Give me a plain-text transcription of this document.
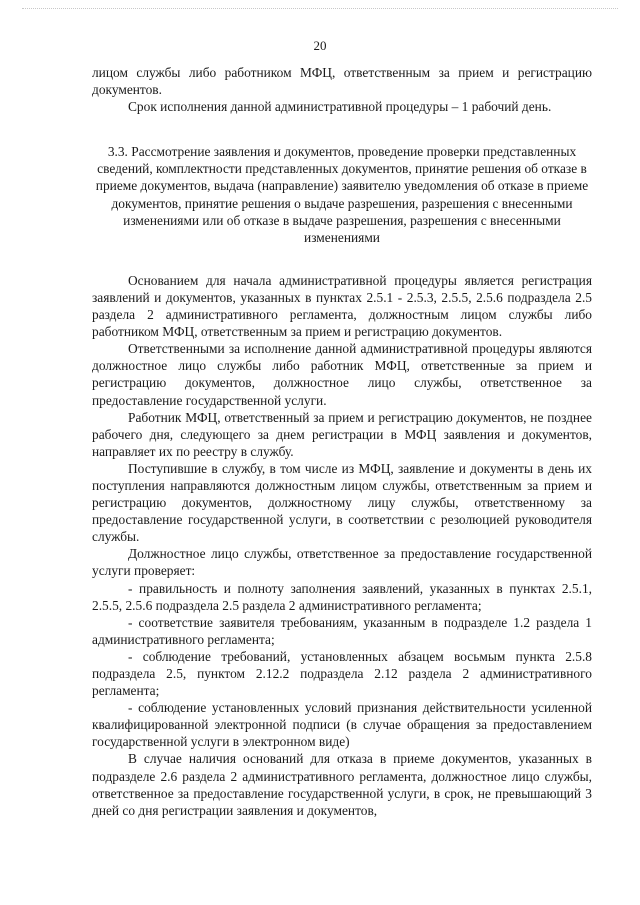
20

лицом службы либо работником МФЦ, ответственным за прием и регистрацию документов.

Срок исполнения данной административной процедуры – 1 рабочий день.

3.3. Рассмотрение заявления и документов, проведение проверки представленных сведений, комплектности представленных документов, принятие решения об отказе в приеме документов, выдача (направление) заявителю уведомления об отказе в приеме документов, принятие решения о выдаче разрешения, разрешения с внесенными изменениями или об отказе в выдаче разрешения, разрешения с внесенными изменениями

Основанием для начала административной процедуры является регистрация заявлений и документов, указанных в пунктах 2.5.1 - 2.5.3, 2.5.5, 2.5.6 подраздела 2.5 раздела 2 административного регламента, должностным лицом службы либо работником МФЦ, ответственным за прием и регистрацию документов.

Ответственными за исполнение данной административной процедуры являются должностное лицо службы либо работник МФЦ, ответственные за прием и регистрацию документов, должностное лицо службы, ответственное за предоставление государственной услуги.

Работник МФЦ, ответственный за прием и регистрацию документов, не позднее рабочего дня, следующего за днем регистрации в МФЦ заявления и документов, направляет их по реестру в службу.

Поступившие в службу, в том числе из МФЦ, заявление и документы в день их поступления направляются должностным лицом службы, ответственным за прием и регистрацию документов, должностному лицу службы, ответственному за предоставление государственной услуги, в соответствии с резолюцией руководителя службы.

Должностное лицо службы, ответственное за предоставление государственной услуги проверяет:

- правильность и полноту заполнения заявлений, указанных в пунктах 2.5.1, 2.5.5, 2.5.6 подраздела 2.5 раздела 2 административного регламента;

- соответствие заявителя требованиям, указанным в подразделе 1.2 раздела 1 административного регламента;

- соблюдение требований, установленных абзацем восьмым пункта 2.5.8 подраздела 2.5, пунктом 2.12.2 подраздела 2.12 раздела 2 административного регламента;

- соблюдение установленных условий признания действительности усиленной квалифицированной электронной подписи (в случае обращения за предоставлением государственной услуги в электронном виде)

В случае наличия оснований для отказа в приеме документов, указанных в подразделе 2.6 раздела 2 административного регламента, должностное лицо службы, ответственное за предоставление государственной услуги, в срок, не превышающий 3 дней со дня регистрации заявления и документов,
